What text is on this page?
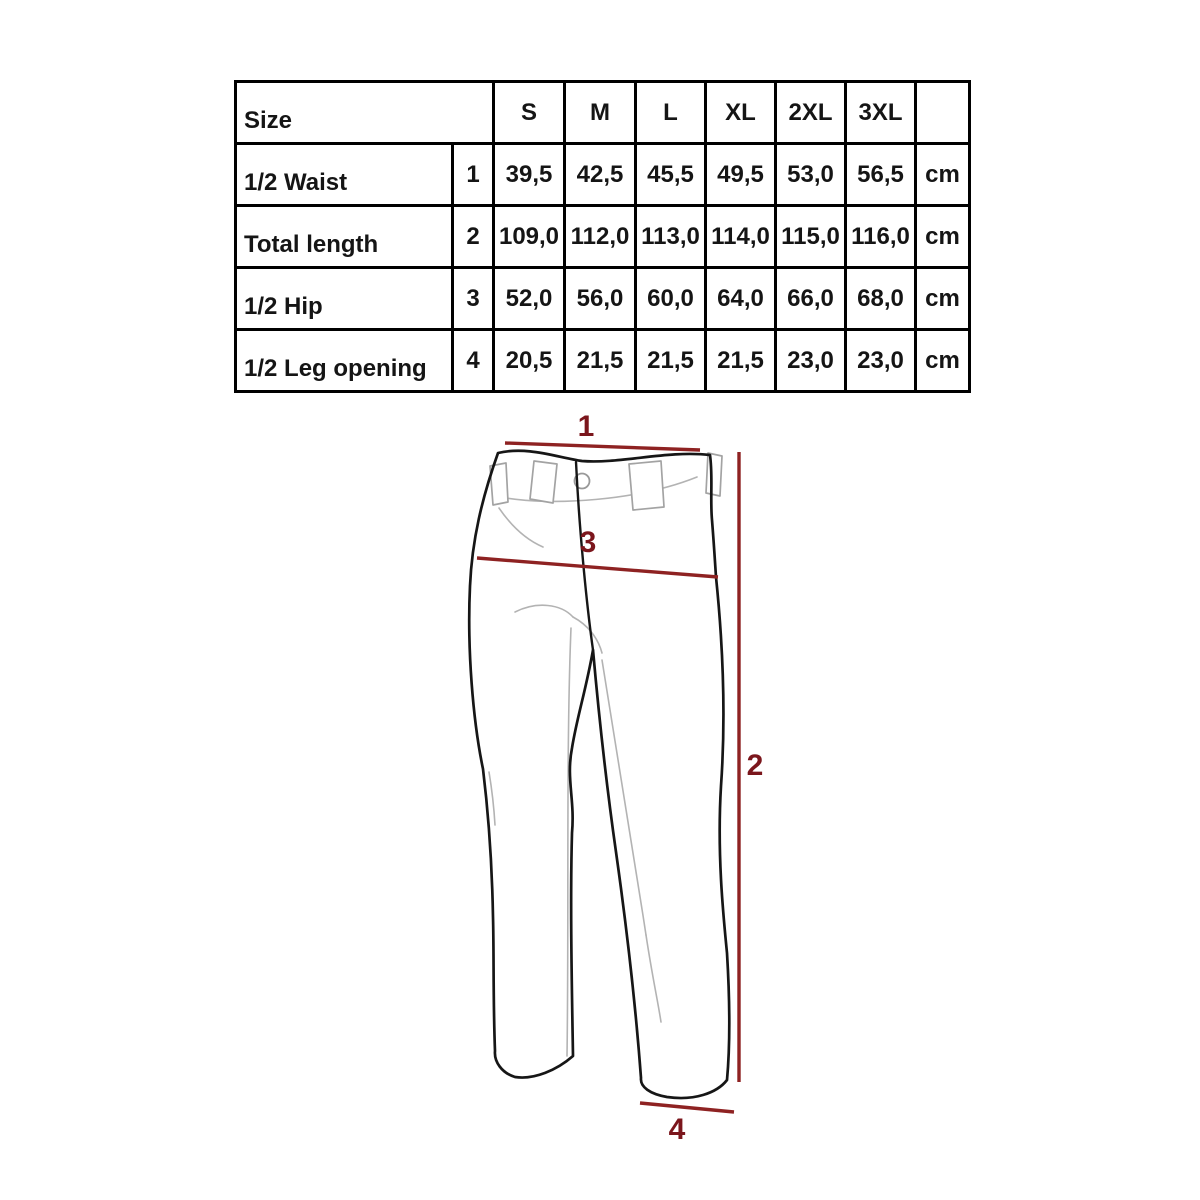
Size		S	M	L	XL	2XL	3XL	
1/2 Waist	1	39,5	42,5	45,5	49,5	53,0	56,5	cm
Total length	2	109,0	112,0	113,0	114,0	115,0	116,0	cm
1/2 Hip	3	52,0	56,0	60,0	64,0	66,0	68,0	cm
1/2 Leg opening	4	20,5	21,5	21,5	21,5	23,0	23,0	cm
1
2
3
4
